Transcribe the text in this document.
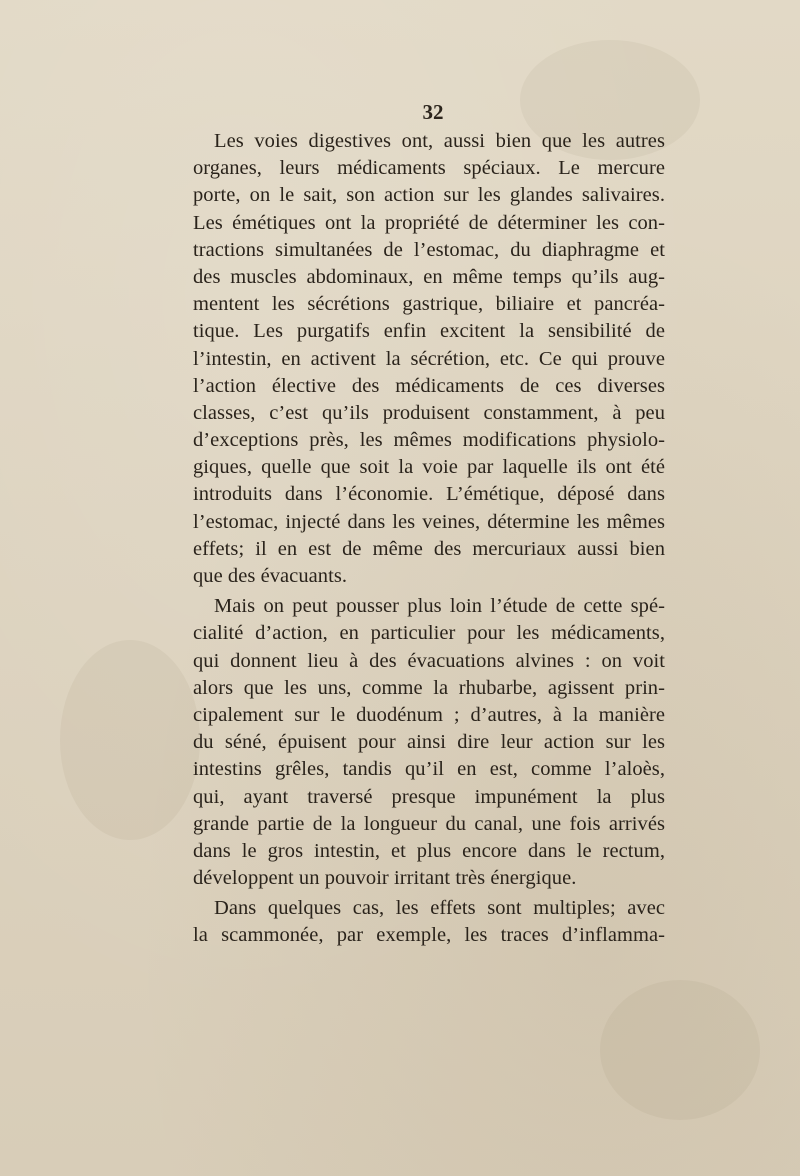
32
Les voies digestives ont, aussi bien que les autres
organes, leurs médicaments spéciaux. Le mercure
porte, on le sait, son action sur les glandes salivaires.
Les émétiques ont la propriété de déterminer les con-
tractions simultanées de l’estomac, du diaphragme et
des muscles abdominaux, en même temps qu’ils aug-
mentent les sécrétions gastrique, biliaire et pancréa-
tique. Les purgatifs enfin excitent la sensibilité de
l’intestin, en activent la sécrétion, etc. Ce qui prouve
l’action élective des médicaments de ces diverses
classes, c’est qu’ils produisent constamment, à peu
d’exceptions près, les mêmes modifications physiolo-
giques, quelle que soit la voie par laquelle ils ont été
introduits dans l’économie. L’émétique, déposé dans
l’estomac, injecté dans les veines, détermine les mêmes
effets; il en est de même des mercuriaux aussi bien
que des évacuants.
Mais on peut pousser plus loin l’étude de cette spé-
cialité d’action, en particulier pour les médicaments,
qui donnent lieu à des évacuations alvines : on voit
alors que les uns, comme la rhubarbe, agissent prin-
cipalement sur le duodénum ; d’autres, à la manière
du séné, épuisent pour ainsi dire leur action sur les
intestins grêles, tandis qu’il en est, comme l’aloès,
qui, ayant traversé presque impunément la plus
grande partie de la longueur du canal, une fois arrivés
dans le gros intestin, et plus encore dans le rectum,
développent un pouvoir irritant très énergique.
Dans quelques cas, les effets sont multiples; avec
la scammonée, par exemple, les traces d’inflamma-
